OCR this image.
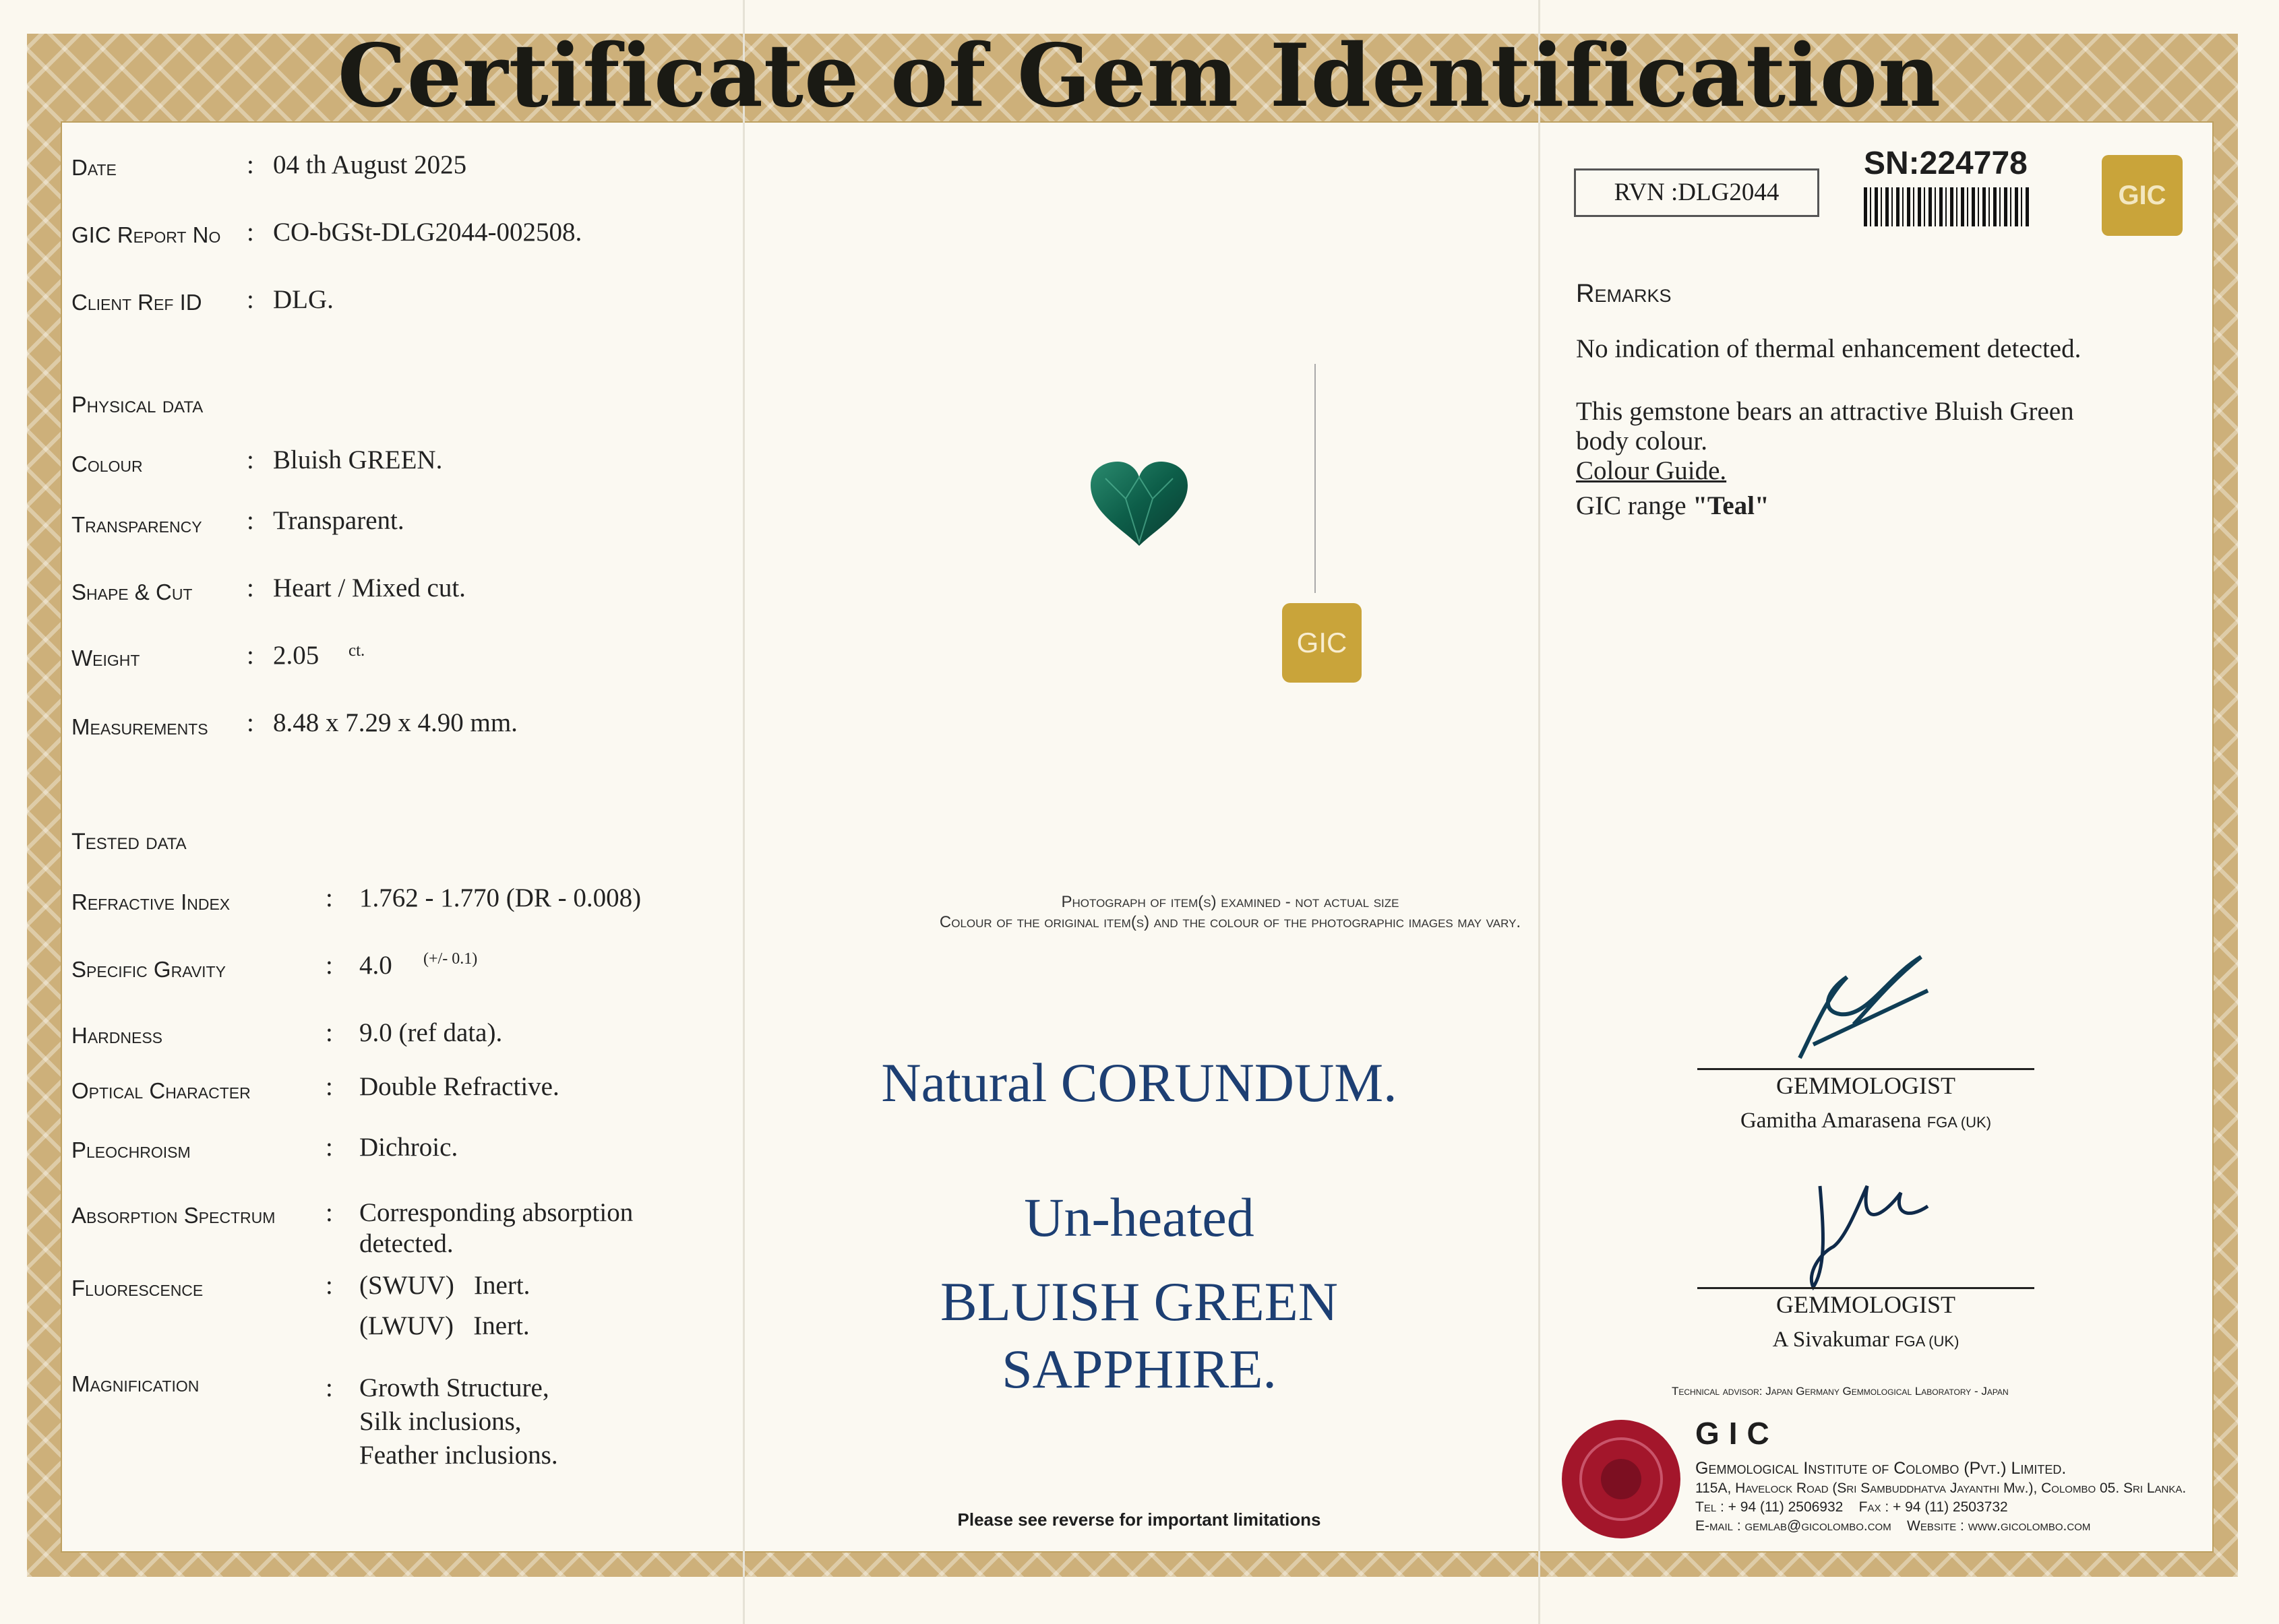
Certificate of Gem Identification
Date	: 04 th August 2025
GIC Report No : CO-bGSt-DLG2044-002508.
Client Ref ID : DLG.
Physical data
Colour	: Bluish GREEN.
Transparency : Transparent.
Shape & Cut : Heart / Mixed cut.
Weight	: 2.05 ct.
Measurements : 8.48 x 7.29 x 4.90 mm.
Tested data
Refractive Index	: 1.762 - 1.770 (DR - 0.008)
Specific Gravity	: 4.0 (+/- 0.1)
Hardness	: 9.0 (ref data).
Optical Character	: Double Refractive.
Pleochroism	: Dichroic.
Absorption Spectrum : Corresponding absorption
detected.
Fluorescence	: (SWUV)   Inert.
(LWUV)   Inert.
Magnification	: Growth Structure,
Silk inclusions,
Feather inclusions.
GIC
Photograph of item(s) examined - not actual size
Colour of the original item(s) and the colour of the photographic images may vary.
Natural CORUNDUM.
Un-heated
BLUISH GREEN
SAPPHIRE.
Please see reverse for important limitations
RVN :DLG2044
SN:224778
GIC
Remarks
No indication of thermal enhancement detected.
This gemstone bears an attractive Bluish Green
body colour.
Colour Guide.
GIC range "Teal"
GEMMOLOGIST
Gamitha Amarasena FGA (UK)
GEMMOLOGIST
A Sivakumar FGA (UK)
Technical advisor: Japan Germany Gemmological Laboratory - Japan
GIC
Gemmological Institute of Colombo (Pvt.) Limited.
115A, Havelock Road (Sri Sambuddhatva Jayanthi Mw.), Colombo 05. Sri Lanka.
Tel : + 94 (11) 2506932    Fax : + 94 (11) 2503732
E-mail : gemlab@gicolombo.com    Website : www.gicolombo.com
